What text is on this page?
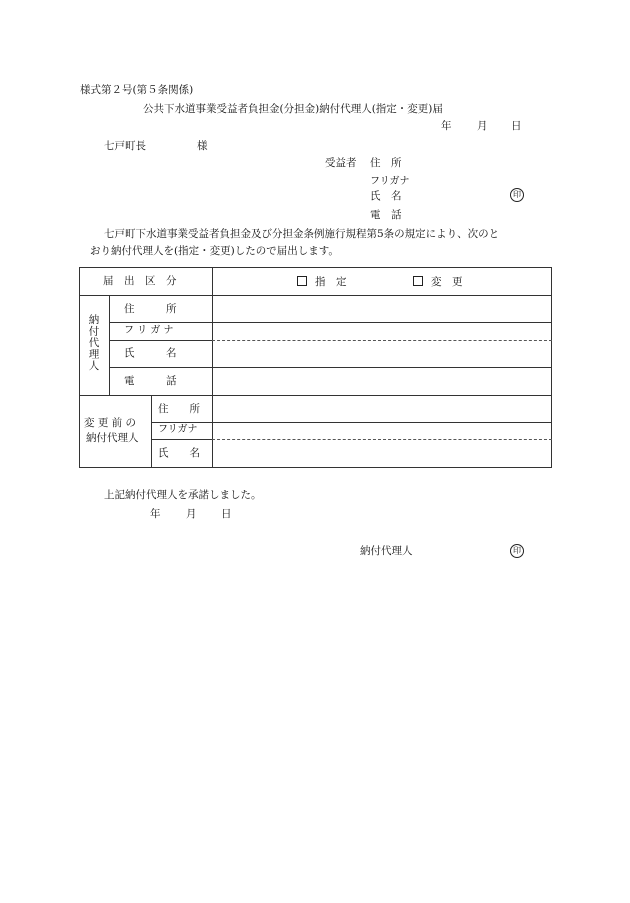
様式第２号(第５条関係)
公共下水道事業受益者負担金(分担金)納付代理人(指定・変更)届
年 月 日
七戸町長	様
受益者 住　所
フリガナ
氏　名	印
電　話
七戸町下水道事業受益者負担金及び分担金条例施行規程第5条の規定により、次のと
おり納付代理人を(指定・変更)したので届出します。
届　出　区　分	指　定	変　更
納付代理人
住　　　所
フ リ ガ ナ
氏　　　名
電　　　話
変 更 前 の
納付代理人
住　　所
フリガナ
氏　　名
上記納付代理人を承諾しました。
年 月 日
納付代理人	印
